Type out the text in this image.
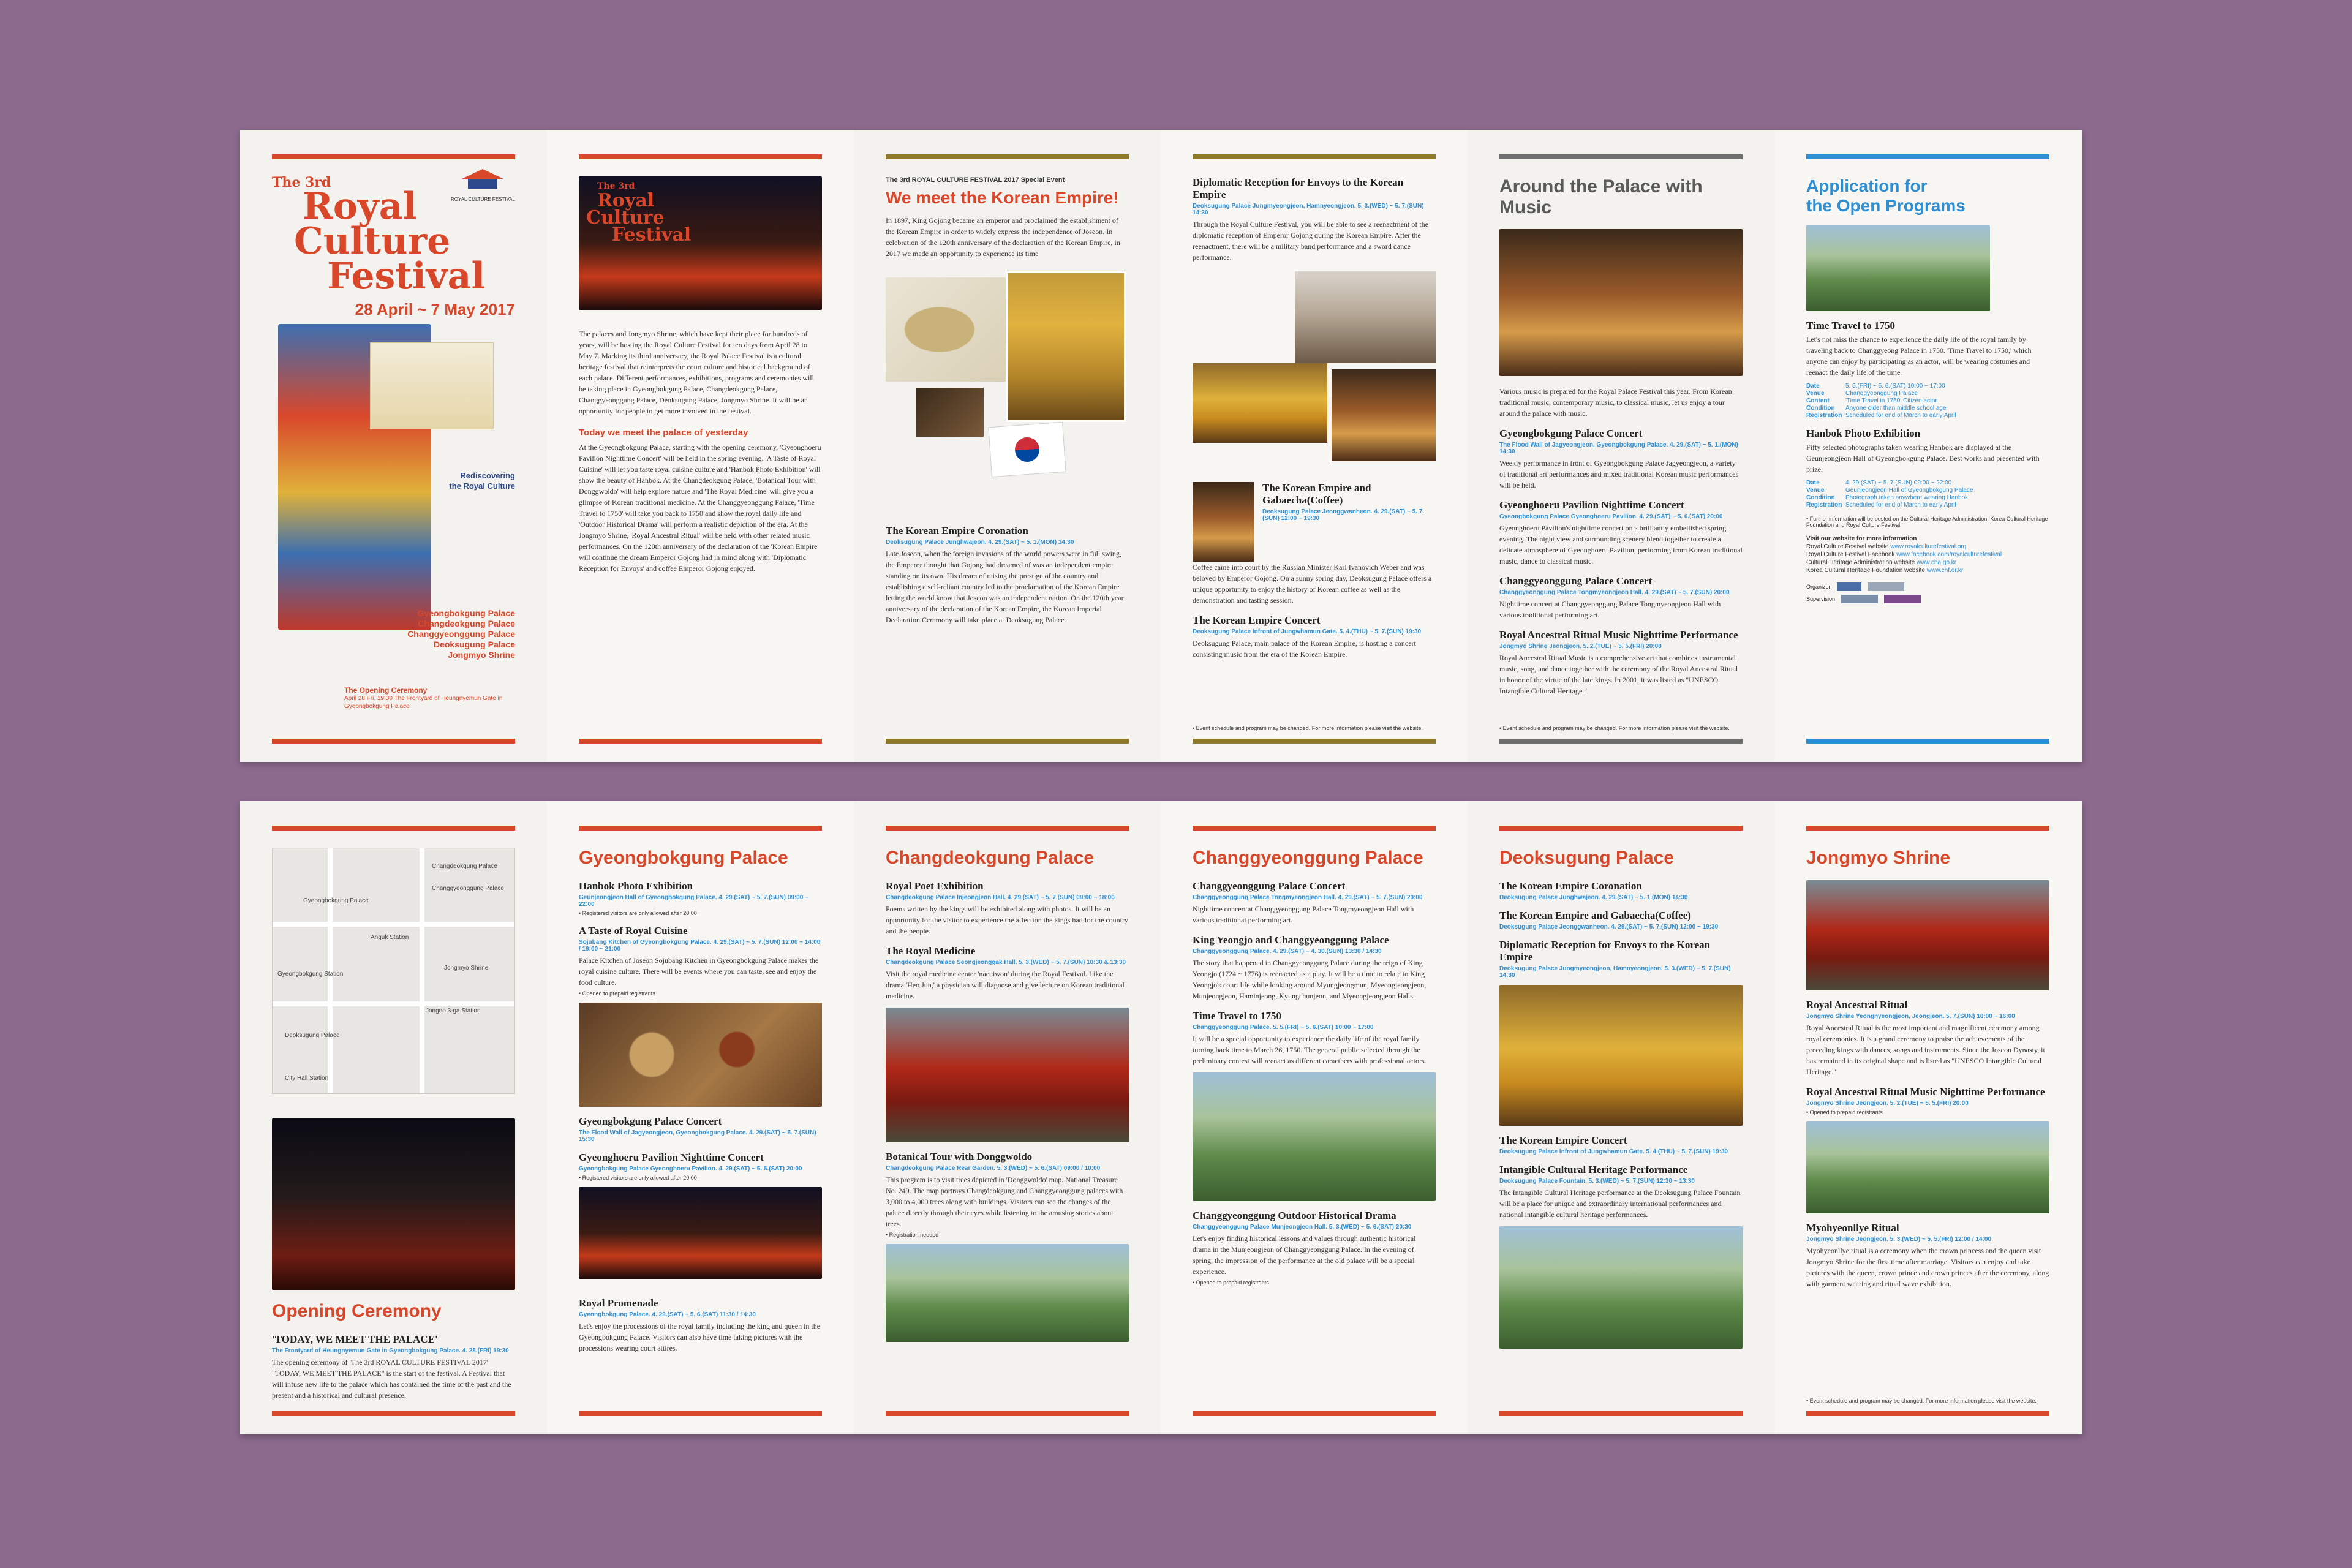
ROYAL CULTURE FESTIVAL
The 3rd
Royal
Culture
Festival
28 April ~ 7 May 2017
Rediscovering the Royal Culture
Gyeongbokgung Palace
Changdeokgung Palace
Changgyeonggung Palace
Deoksugung Palace
Jongmyo Shrine
The Opening Ceremony
April 28 Fri. 19:30 The Frontyard of Heungnyemun Gate in Gyeongbokgung Palace
The 3rd
Royal
Culture
Festival

The palaces and Jongmyo Shrine, which have kept their place for hundreds of years, will be hosting the Royal Culture Festival for ten days from April 28 to May 7. Marking its third anniversary, the Royal Palace Festival is a cultural heritage festival that reinterprets the court culture and historical background of each palace. Different performances, exhibitions, programs and ceremonies will be taking place in Gyeongbokgung Palace, Changdeokgung Palace, Changgyeonggung Palace, Deoksugung Palace, Jongmyo Shrine. It will be an opportunity for people to get more involved in the festival.

Today we meet the palace of yesterday

At the Gyeongbokgung Palace, starting with the opening ceremony, 'Gyeonghoeru Pavilion Nighttime Concert' will be held in the spring evening. 'A Taste of Royal Cuisine' will let you taste royal cuisine culture and 'Hanbok Photo Exhibition' will show the beauty of Hanbok. At the Changdeokgung Palace, 'Botanical Tour with Donggwoldo' will help explore nature and 'The Royal Medicine' will give you a glimpse of Korean traditional medicine. At the Changgyeonggung Palace, 'Time Travel to 1750' will take you back to 1750 and show the royal daily life and 'Outdoor Historical Drama' will perform a realistic depiction of the era. At the Jongmyo Shrine, 'Royal Ancestral Ritual' will be held with other related music performances. On the 120th anniversary of the declaration of the 'Korean Empire' will continue the dream Emperor Gojong had in mind along with 'Diplomatic Reception for Envoys' and coffee Emperor Gojong enjoyed.

The 3rd ROYAL CULTURE FESTIVAL 2017 Special Event
We meet the Korean Empire!

In 1897, King Gojong became an emperor and proclaimed the establishment of the Korean Empire in order to widely express the independence of Joseon. In celebration of the 120th anniversary of the declaration of the Korean Empire, in 2017 we made an opportunity to experience its time

The Korean Empire Coronation
Deoksugung Palace Junghwajeon. 4. 29.(SAT) ~ 5. 1.(MON) 14:30

Late Joseon, when the foreign invasions of the world powers were in full swing, the Emperor thought that Gojong had dreamed of was an independent empire standing on its own. His dream of raising the prestige of the country and establishing a self-reliant country led to the proclamation of the Korean Empire letting the world know that Joseon was an independent nation. On the 120th year anniversary of the declaration of the Korean Empire, the Korean Imperial Declaration Ceremony will take place at Deoksugung Palace.

Diplomatic Reception for Envoys to the Korean Empire
Deoksugung Palace Jungmyeongjeon, Hamnyeongjeon. 5. 3.(WED) ~ 5. 7.(SUN) 14:30

Through the Royal Culture Festival, you will be able to see a reenactment of the diplomatic reception of Emperor Gojong during the Korean Empire. After the reenactment, there will be a military band performance and a sword dance performance.

The Korean Empire and Gabaecha(Coffee)
Deoksugung Palace Jeonggwanheon. 4. 29.(SAT) ~ 5. 7.(SUN) 12:00 ~ 19:30

Coffee came into court by the Russian Minister Karl Ivanovich Weber and was beloved by Emperor Gojong. On a sunny spring day, Deoksugung Palace offers a unique opportunity to enjoy the history of Korean coffee as well as the demonstration and tasting session.

The Korean Empire Concert
Deoksugung Palace Infront of Jungwhamun Gate. 5. 4.(THU) ~ 5. 7.(SUN) 19:30

Deoksugung Palace, main palace of the Korean Empire, is hosting a concert consisting music from the era of the Korean Empire.

• Event schedule and program may be changed. For more information please visit the website.
Around the Palace with Music

Various music is prepared for the Royal Palace Festival this year. From Korean traditional music, contemporary music, to classical music, let us enjoy a tour around the palace with music.

Gyeongbokgung Palace Concert
The Flood Wall of Jagyeongjeon, Gyeongbokgung Palace. 4. 29.(SAT) ~ 5. 1.(MON) 14:30

Weekly performance in front of Gyeongbokgung Palace Jagyeongjeon, a variety of traditional art performances and mixed traditional Korean music performances will be held.

Gyeonghoeru Pavilion Nighttime Concert
Gyeongbokgung Palace Gyeonghoeru Pavilion. 4. 29.(SAT) ~ 5. 6.(SAT) 20:00

Gyeonghoeru Pavilion's nighttime concert on a brilliantly embellished spring evening. The night view and surrounding scenery blend together to create a delicate atmosphere of Gyeonghoeru Pavilion, performing from Korean traditional music, dance to classical music.

Changgyeonggung Palace Concert
Changgyeonggung Palace Tongmyeongjeon Hall. 4. 29.(SAT) ~ 5. 7.(SUN) 20:00

Nighttime concert at Changgyeonggung Palace Tongmyeongjeon Hall with various traditional performing art.

Royal Ancestral Ritual Music Nighttime Performance
Jongmyo Shrine Jeongjeon. 5. 2.(TUE) ~ 5. 5.(FRI) 20:00

Royal Ancestral Ritual Music is a comprehensive art that combines instrumental music, song, and dance together with the ceremony of the Royal Ancestral Ritual in honor of the virtue of the late kings. In 2001, it was listed as "UNESCO Intangible Cultural Heritage."

• Event schedule and program may be changed. For more information please visit the website.
Application for
the Open Programs
Time Travel to 1750

Let's not miss the chance to experience the daily life of the royal family by traveling back to Changgyeong Palace in 1750. 'Time Travel to 1750,' which anyone can enjoy by participating as an actor, will be wearing costumes and reenact the daily life of the time.

Date	5. 5.(FRI) ~ 5. 6.(SAT) 10:00 ~ 17:00
Venue	Changgyeonggung Palace
Content	'Time Travel in 1750' Citizen actor
Condition	Anyone older than middle school age
Registration Scheduled for end of March to early April
Hanbok Photo Exhibition

Fifty selected photographs taken wearing Hanbok are displayed at the Geunjeongjeon Hall of Gyeongbokgung Palace. Best works and presented with prize.

Date	4. 29.(SAT) ~ 5. 7.(SUN) 09:00 ~ 22:00
Venue	Geunjeongjeon Hall of Gyeongbokgung Palace
Condition	Photograph taken anywhere wearing Hanbok
Registration Scheduled for end of March to early April
• Further information will be posted on the Cultural Heritage Administration, Korea Cultural Heritage Foundation and Royal Culture Festival.
Visit our website for more information
Royal Culture Festival website www.royalculturefestival.org
Royal Culture Festival Facebook www.facebook.com/royalculturefestival
Cultural Heritage Administration website www.cha.go.kr
Korea Cultural Heritage Foundation website www.chf.or.kr
Organizer
Supervision
Changdeokgung Palace
Changgyeonggung Palace
Gyeongbokgung Palace
Anguk Station
Jongmyo Shrine
Gyeongbokgung Station
Jongno 3-ga Station
Deoksugung Palace
City Hall Station
Opening Ceremony
'TODAY, WE MEET THE PALACE'
The Frontyard of Heungnyemun Gate in Gyeongbokgung Palace. 4. 28.(FRI) 19:30

The opening ceremony of 'The 3rd ROYAL CULTURE FESTIVAL 2017' "TODAY, WE MEET THE PALACE" is the start of the festival. A Festival that will infuse new life to the palace which has contained the time of the past and the present and a historical and cultural presence.

Gyeongbokgung Palace
Hanbok Photo Exhibition
Geunjeongjeon Hall of Gyeongbokgung Palace. 4. 29.(SAT) ~ 5. 7.(SUN) 09:00 ~ 22:00
• Registered visitors are only allowed after 20:00
A Taste of Royal Cuisine
Sojubang Kitchen of Gyeongbokgung Palace. 4. 29.(SAT) ~ 5. 7.(SUN) 12:00 ~ 14:00 / 19:00 ~ 21:00

Palace Kitchen of Joseon Sojubang Kitchen in Gyeongbokgung Palace makes the royal cuisine culture. There will be events where you can taste, see and enjoy the food culture.

• Opened to prepaid registrants
Gyeongbokgung Palace Concert
The Flood Wall of Jagyeongjeon, Gyeongbokgung Palace. 4. 29.(SAT) ~ 5. 7.(SUN) 15:30
Gyeonghoeru Pavilion Nighttime Concert
Gyeongbokgung Palace Gyeonghoeru Pavilion. 4. 29.(SAT) ~ 5. 6.(SAT) 20:00
• Registered visitors are only allowed after 20:00
Royal Promenade
Gyeongbokgung Palace. 4. 29.(SAT) ~ 5. 6.(SAT) 11:30 / 14:30

Let's enjoy the processions of the royal family including the king and queen in the Gyeongbokgung Palace. Visitors can also have time taking pictures with the processions wearing court attires.

Changdeokgung Palace
Royal Poet Exhibition
Changdeokgung Palace Injeongjeon Hall. 4. 29.(SAT) ~ 5. 7.(SUN) 09:00 ~ 18:00

Poems written by the kings will be exhibited along with photos. It will be an opportunity for the visitor to experience the affection the kings had for the country and the people.

The Royal Medicine
Changdeokgung Palace Seongjeonggak Hall. 5. 3.(WED) ~ 5. 7.(SUN) 10:30 & 13:30

Visit the royal medicine center 'naeuiwon' during the Royal Festival. Like the drama 'Heo Jun,' a physician will diagnose and give lecture on Korean traditional medicine.

Botanical Tour with Donggwoldo
Changdeokgung Palace Rear Garden. 5. 3.(WED) ~ 5. 6.(SAT) 09:00 / 10:00

This program is to visit trees depicted in 'Donggwoldo' map. National Treasure No. 249. The map portrays Changdeokgung and Changgyeonggung palaces with 3,000 to 4,000 trees along with buildings. Visitors can see the changes of the palace directly through their eyes while listening to the amusing stories about trees.

• Registration needed
Changgyeonggung Palace
Changgyeonggung Palace Concert
Changgyeonggung Palace Tongmyeongjeon Hall. 4. 29.(SAT) ~ 5. 7.(SUN) 20:00

Nighttime concert at Changgyeonggung Palace Tongmyeongjeon Hall with various traditional performing art.

King Yeongjo and Changgyeonggung Palace
Changgyeonggung Palace. 4. 29.(SAT) ~ 4. 30.(SUN) 13:30 / 14:30

The story that happened in Changgyeonggung Palace during the reign of King Yeongjo (1724 ~ 1776) is reenacted as a play. It will be a time to relate to King Yeongjo's court life while looking around Myungjeongmun, Myeongjeongjeon, Munjeongjeon, Haminjeong, Kyungchunjeon, and Myeongjeongjeon Halls.

Time Travel to 1750
Changgyeonggung Palace. 5. 5.(FRI) ~ 5. 6.(SAT) 10:00 ~ 17:00

It will be a special opportunity to experience the daily life of the royal family turning back time to March 26, 1750. The general public selected through the preliminary contest will reenact as different caracthers with professional actors.

Changgyeonggung Outdoor Historical Drama
Changgyeonggung Palace Munjeongjeon Hall. 5. 3.(WED) ~ 5. 6.(SAT) 20:30

Let's enjoy finding historical lessons and values through authentic historical drama in the Munjeongjeon of Changgyeonggung Palace. In the evening of spring, the impression of the performance at the old palace will be a special experience.

• Opened to prepaid registrants
Deoksugung Palace
The Korean Empire Coronation
Deoksugung Palace Junghwajeon. 4. 29.(SAT) ~ 5. 1.(MON) 14:30
The Korean Empire and Gabaecha(Coffee)
Deoksugung Palace Jeonggwanheon. 4. 29.(SAT) ~ 5. 7.(SUN) 12:00 ~ 19:30
Diplomatic Reception for Envoys to the Korean Empire
Deoksugung Palace Jungmyeongjeon, Hamnyeongjeon. 5. 3.(WED) ~ 5. 7.(SUN) 14:30
The Korean Empire Concert
Deoksugung Palace Infront of Jungwhamun Gate. 5. 4.(THU) ~ 5. 7.(SUN) 19:30
Intangible Cultural Heritage Performance
Deoksugung Palace Fountain. 5. 3.(WED) ~ 5. 7.(SUN) 12:30 ~ 13:30

The Intangible Cultural Heritage performance at the Deoksugung Palace Fountain will be a place for unique and extraordinary international performances and national intangible cultural heritage performances.

Jongmyo Shrine
Royal Ancestral Ritual
Jongmyo Shrine Yeongnyeongjeon, Jeongjeon. 5. 7.(SUN) 10:00 ~ 16:00

Royal Ancestral Ritual is the most important and magnificent ceremony among royal ceremonies. It is a grand ceremony to praise the achievements of the preceding kings with dances, songs and instruments. Since the Joseon Dynasty, it has remained in its original shape and is listed as "UNESCO Intangible Cultural Heritage."

Royal Ancestral Ritual Music Nighttime Performance
Jongmyo Shrine Jeongjeon. 5. 2.(TUE) ~ 5. 5.(FRI) 20:00
• Opened to prepaid registrants
Myohyeonllye Ritual
Jongmyo Shrine Jeongjeon. 5. 3.(WED) ~ 5. 5.(FRI) 12:00 / 14:00

Myohyeonllye ritual is a ceremony when the crown princess and the queen visit Jongmyo Shrine for the first time after marriage. Visitors can enjoy and take pictures with the queen, crown prince and crown princes after the ceremony, along with garment wearing and ritual wave exhibition.

• Event schedule and program may be changed. For more information please visit the website.
